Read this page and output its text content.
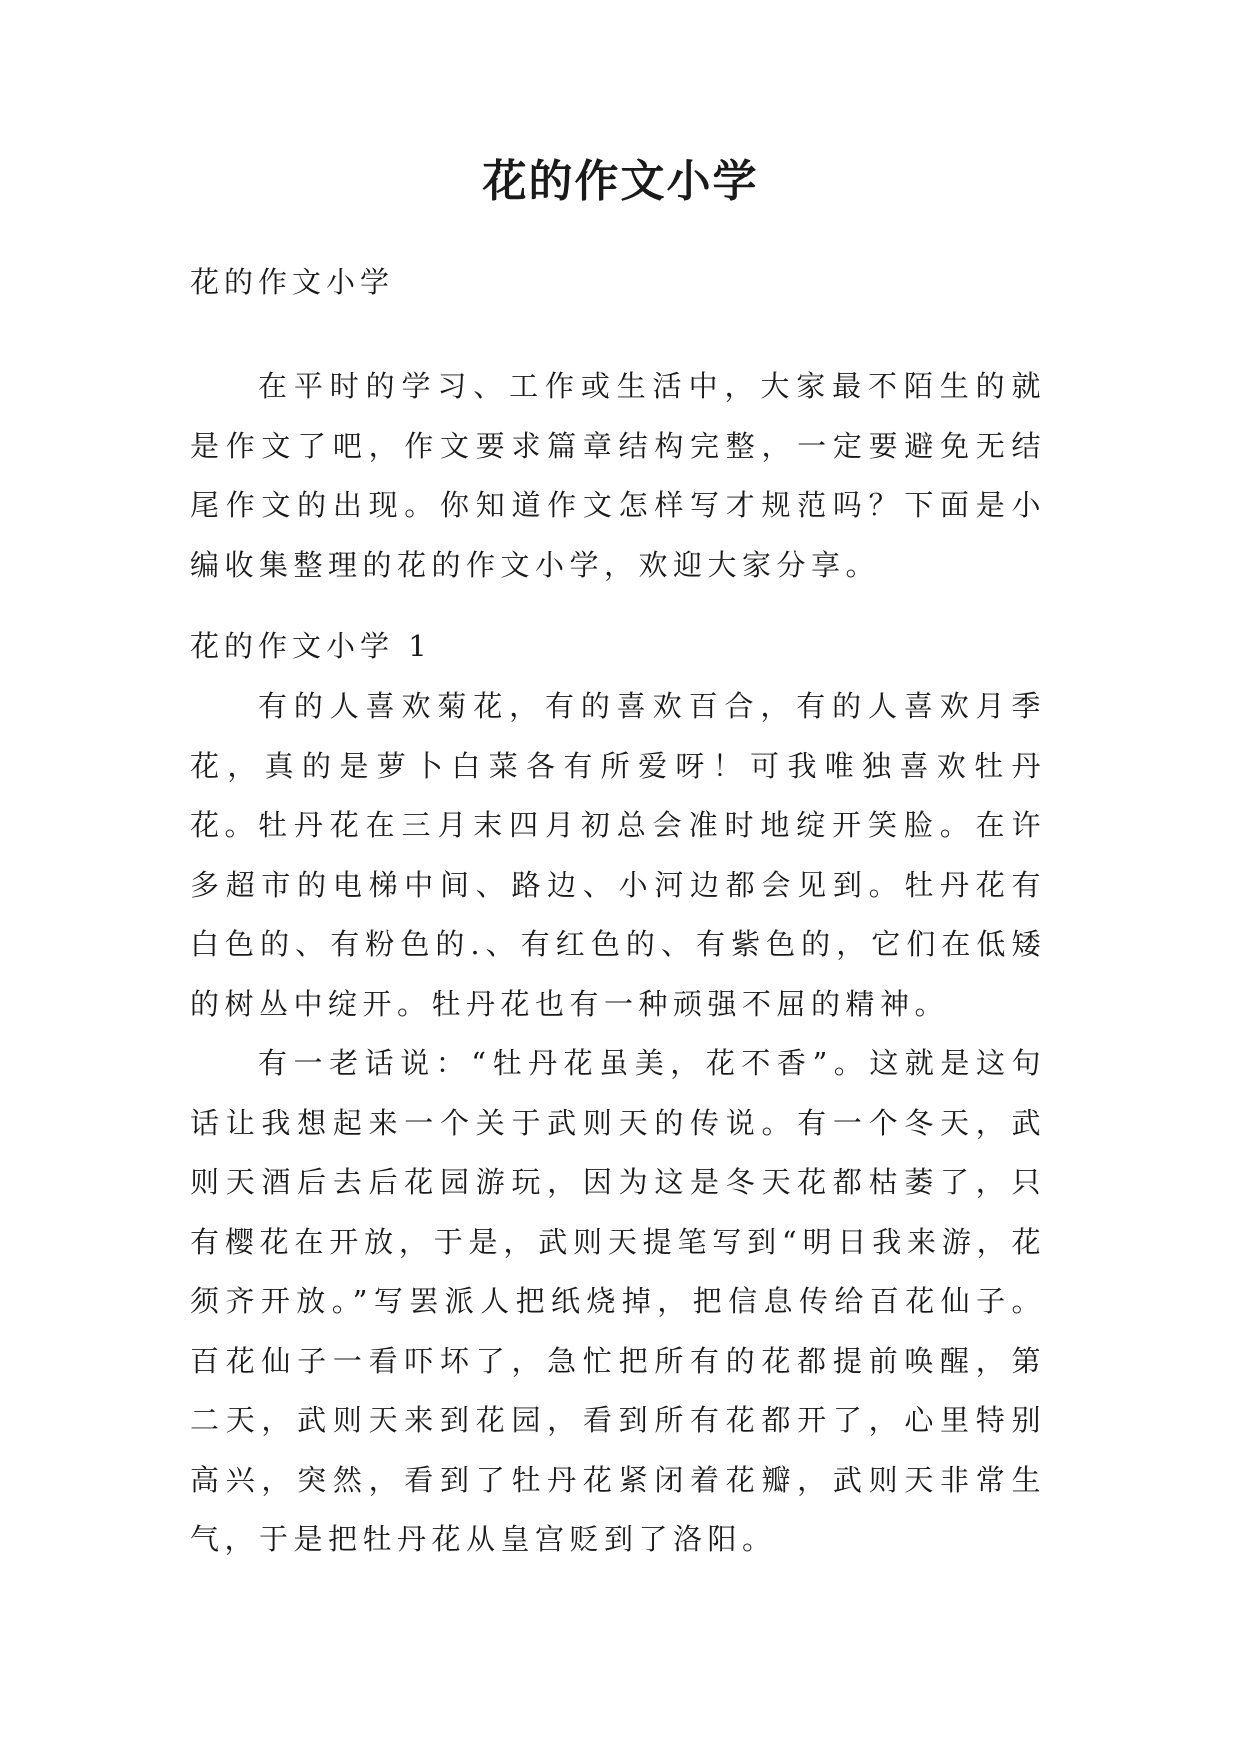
花的作文小学

花的作文小学

在平时的学习、工作或生活中，大家最不陌生的就是作文了吧，作文要求篇章结构完整，一定要避免无结尾作文的出现。你知道作文怎样写才规范吗？下面是小编收集整理的花的作文小学，欢迎大家分享。

花的作文小学 1

有的人喜欢菊花，有的喜欢百合，有的人喜欢月季花，真的是萝卜白菜各有所爱呀！可我唯独喜欢牡丹花。

牡丹花在三月末四月初总会准时地绽开笑脸。在许多超市的电梯中间、路边、小河边都会见到。牡丹花有白色的、有粉色的.、有红色的、有紫色的，它们在低矮的树丛中绽开。牡丹花也有一种顽强不屈的精神。

有一老话说：“牡丹花虽美，花不香”。这就是这句话让我想起来一个关于武则天的传说。有一个冬天，武则天酒后去后花园游玩，因为这是冬天花都枯萎了，只有樱花在开放，于是，武则天提笔写到“明日我来游，花须齐开放。”写罢派人把纸烧掉，把信息传给百花仙子。百花仙子一看吓坏了，急忙把所有的花都提前唤醒，第二天，武则天来到花园，看到所有花都开了，心里特别高兴，突然，看到了牡丹花紧闭着花瓣，武则天非常生气，于是把牡丹花从皇宫贬到了洛阳。
